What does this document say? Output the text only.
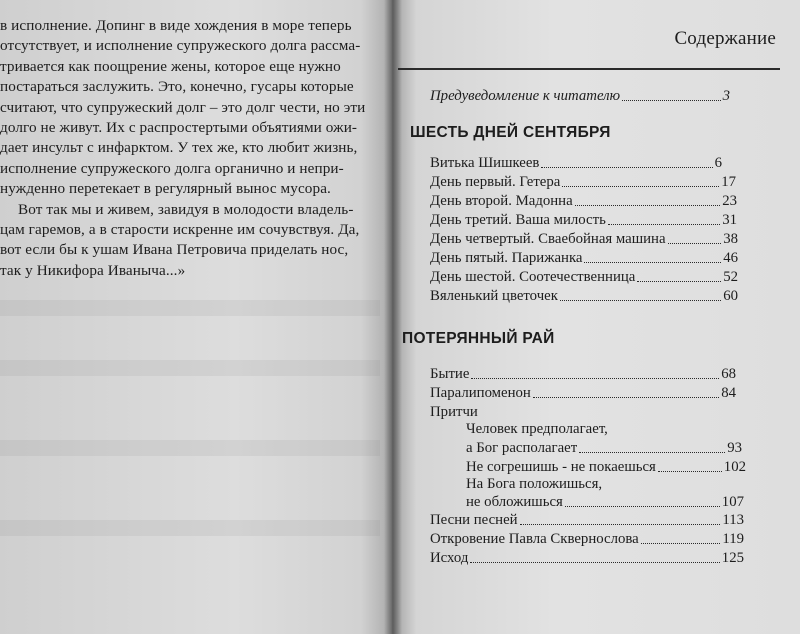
в исполнение. Допинг в виде хождения в море теперь
отсутствует, и исполнение супружеского долга рассма-
тривается как поощрение жены, которое еще нужно
постараться заслужить. Это, конечно, гусары которые
считают, что супружеский долг – это долг чести, но эти
долго не живут. Их с распростертыми объятиями ожи-
дает инсульт с инфарктом. У тех же, кто любит жизнь,
исполнение супружеского долга органично и непри-
нужденно перетекает в регулярный вынос мусора.
Вот так мы и живем, завидуя в молодости владель-
цам гаремов, а в старости искренне им сочувствуя. Да,
вот если бы к ушам Ивана Петровича приделать нос,
так у Никифора Иваныча...»
Содержание
Предуведомление к читателю	3
ШЕСТЬ ДНЕЙ СЕНТЯБРЯ
Витька Шишкеев	6
День первый. Гетера	17
День второй. Мадонна	23
День третий. Ваша милость	31
День четвертый. Свaебойная машина	38
День пятый. Парижанка	46
День шестой. Соотечественница	52
Вяленький цветочек	60
ПОТЕРЯННЫЙ РАЙ
Бытие	68
Паралипоменон	84
Притчи
Человек предполагает,
а Бог располагает	93
Не согрешишь - не покаешься	102
На Бога положишься,
не обложишься	107
Песни песней	113
Откровение Павла Сквернослова	119
Исход	125
